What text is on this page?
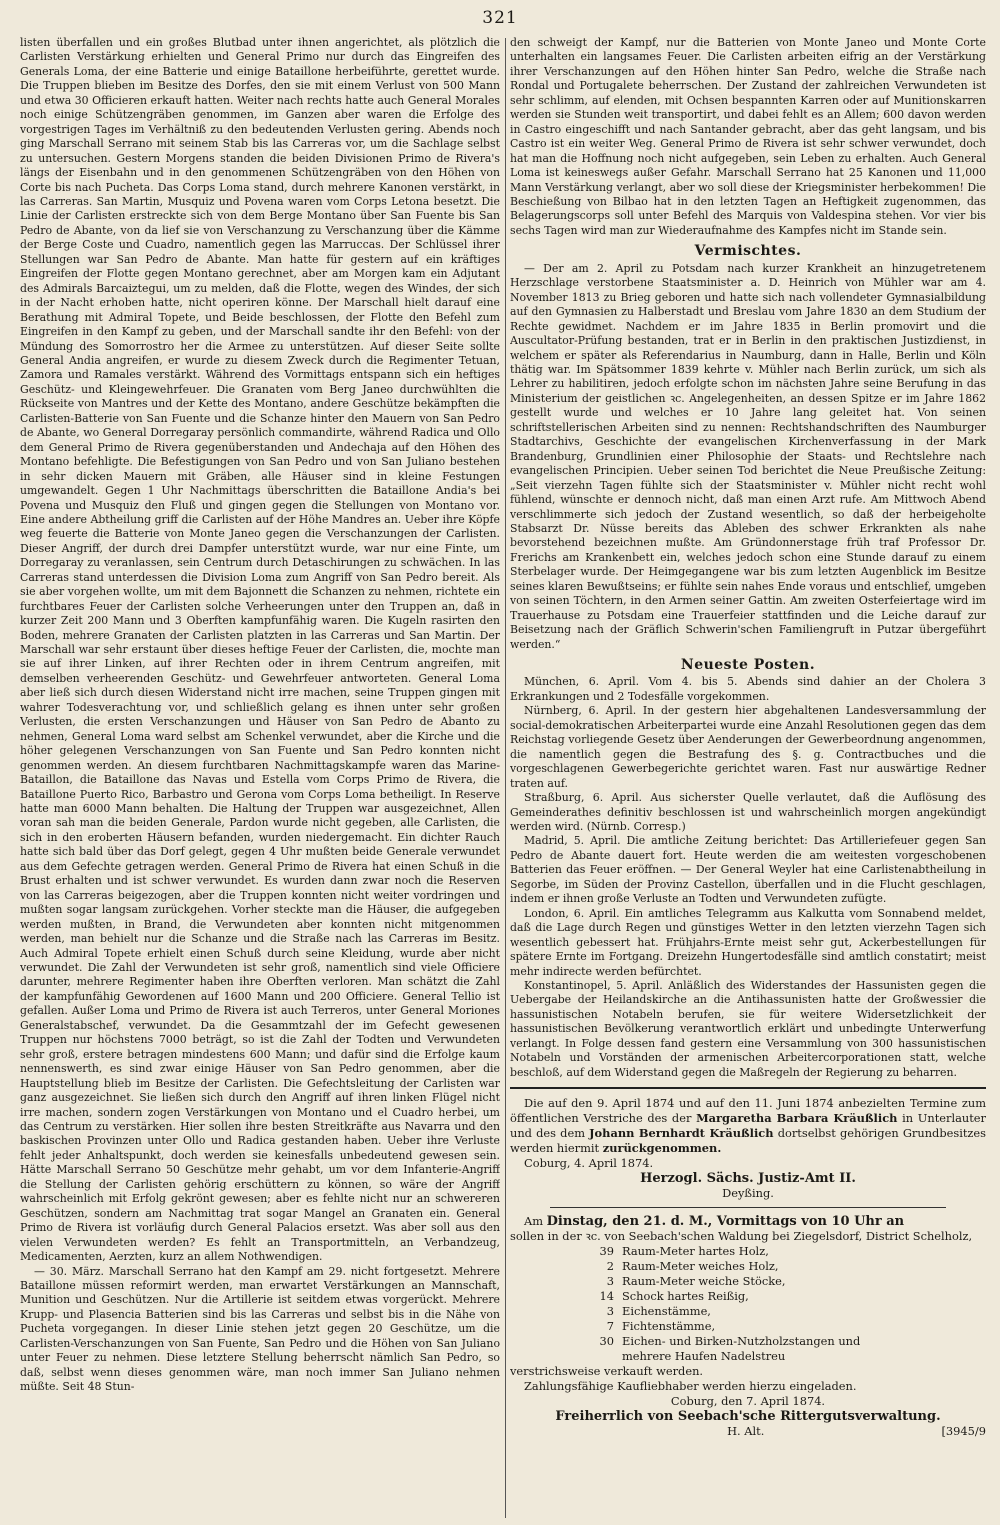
321

listen überfallen und ein großes Blutbad unter ihnen angerichtet, als plötzlich die Carlisten Verstärkung erhielten und General Primo nur durch das Eingreifen des Generals Loma, der eine Batterie und einige Bataillone herbeiführte, gerettet wurde. Die Truppen blieben im Besitze des Dorfes, den sie mit einem Verlust von 500 Mann und etwa 30 Officieren erkauft hatten. Weiter nach rechts hatte auch General Morales noch einige Schützengräben genommen, im Ganzen aber waren die Erfolge des vorgestrigen Tages im Verhältniß zu den bedeutenden Verlusten gering. Abends noch ging Marschall Serrano mit seinem Stab bis las Carreras vor, um die Sachlage selbst zu untersuchen. Gestern Morgens standen die beiden Divisionen Primo de Rivera's längs der Eisenbahn und in den genommenen Schützengräben von den Höhen von Corte bis nach Pucheta. Das Corps Loma stand, durch mehrere Kanonen verstärkt, in las Carreras. San Martin, Musquiz und Povena waren vom Corps Letona besetzt. Die Linie der Carlisten erstreckte sich von dem Berge Montano über San Fuente bis San Pedro de Abante, von da lief sie von Verschanzung zu Verschanzung über die Kämme der Berge Coste und Cuadro, namentlich gegen las Marruccas. Der Schlüssel ihrer Stellungen war San Pedro de Abante. Man hatte für gestern auf ein kräftiges Eingreifen der Flotte gegen Montano gerechnet, aber am Morgen kam ein Adjutant des Admirals Barcaiztegui, um zu melden, daß die Flotte, wegen des Windes, der sich in der Nacht erhoben hatte, nicht operiren könne. Der Marschall hielt darauf eine Berathung mit Admiral Topete, und Beide beschlossen, der Flotte den Befehl zum Eingreifen in den Kampf zu geben, und der Marschall sandte ihr den Befehl: von der Mündung des Somorrostro her die Armee zu unterstützen. Auf dieser Seite sollte General Andia angreifen, er wurde zu diesem Zweck durch die Regimenter Tetuan, Zamora und Ramales verstärkt. Während des Vormittags entspann sich ein heftiges Geschütz- und Kleingewehrfeuer. Die Granaten vom Berg Janeo durchwühlten die Rückseite von Mantres und der Kette des Montano, andere Geschütze bekämpften die Carlisten-Batterie von San Fuente und die Schanze hinter den Mauern von San Pedro de Abante, wo General Dorregaray persönlich commandirte, während Radica und Ollo dem General Primo de Rivera gegenüberstanden und Andechaja auf den Höhen des Montano befehligte. Die Befestigungen von San Pedro und von San Juliano bestehen in sehr dicken Mauern mit Gräben, alle Häuser sind in kleine Festungen umgewandelt. Gegen 1 Uhr Nachmittags überschritten die Bataillone Andia's bei Povena und Musquiz den Fluß und gingen gegen die Stellungen von Montano vor. Eine andere Abtheilung griff die Carlisten auf der Höhe Mandres an. Ueber ihre Köpfe weg feuerte die Batterie von Monte Janeo gegen die Verschanzungen der Carlisten. Dieser Angriff, der durch drei Dampfer unterstützt wurde, war nur eine Finte, um Dorregaray zu veranlassen, sein Centrum durch Detaschirungen zu schwächen. In las Carreras stand unterdessen die Division Loma zum Angriff von San Pedro bereit. Als sie aber vorgehen wollte, um mit dem Bajonnett die Schanzen zu nehmen, richtete ein furchtbares Feuer der Carlisten solche Verheerungen unter den Truppen an, daß in kurzer Zeit 200 Mann und 3 Oberften kampfunfähig waren. Die Kugeln rasirten den Boden, mehrere Granaten der Carlisten platzten in las Carreras und San Martin. Der Marschall war sehr erstaunt über dieses heftige Feuer der Carlisten, die, mochte man sie auf ihrer Linken, auf ihrer Rechten oder in ihrem Centrum angreifen, mit demselben verheerenden Geschütz- und Gewehrfeuer antworteten. General Loma aber ließ sich durch diesen Widerstand nicht irre machen, seine Truppen gingen mit wahrer Todesverachtung vor, und schließlich gelang es ihnen unter sehr großen Verlusten, die ersten Verschanzungen und Häuser von San Pedro de Abanto zu nehmen, General Loma ward selbst am Schenkel verwundet, aber die Kirche und die höher gelegenen Verschanzungen von San Fuente und San Pedro konnten nicht genommen werden. An diesem furchtbaren Nachmittagskampfe waren das Marine-Bataillon, die Bataillone das Navas und Estella vom Corps Primo de Rivera, die Bataillone Puerto Rico, Barbastro und Gerona vom Corps Loma betheiligt. In Reserve hatte man 6000 Mann behalten. Die Haltung der Truppen war ausgezeichnet, Allen voran sah man die beiden Generale, Pardon wurde nicht gegeben, alle Carlisten, die sich in den eroberten Häusern befanden, wurden niedergemacht. Ein dichter Rauch hatte sich bald über das Dorf gelegt, gegen 4 Uhr mußten beide Generale verwundet aus dem Gefechte getragen werden. General Primo de Rivera hat einen Schuß in die Brust erhalten und ist schwer verwundet. Es wurden dann zwar noch die Reserven von las Carreras beigezogen, aber die Truppen konnten nicht weiter vordringen und mußten sogar langsam zurückgehen. Vorher steckte man die Häuser, die aufgegeben werden mußten, in Brand, die Verwundeten aber konnten nicht mitgenommen werden, man behielt nur die Schanze und die Straße nach las Carreras im Besitz. Auch Admiral Topete erhielt einen Schuß durch seine Kleidung, wurde aber nicht verwundet. Die Zahl der Verwundeten ist sehr groß, namentlich sind viele Officiere darunter, mehrere Regimenter haben ihre Oberften verloren. Man schätzt die Zahl der kampfunfähig Gewordenen auf 1600 Mann und 200 Officiere. General Tellio ist gefallen. Außer Loma und Primo de Rivera ist auch Terreros, unter General Moriones Generalstabschef, verwundet. Da die Gesammtzahl der im Gefecht gewesenen Truppen nur höchstens 7000 beträgt, so ist die Zahl der Todten und Verwundeten sehr groß, erstere betragen mindestens 600 Mann; und dafür sind die Erfolge kaum nennenswerth, es sind zwar einige Häuser von San Pedro genommen, aber die Hauptstellung blieb im Besitze der Carlisten. Die Gefechtsleitung der Carlisten war ganz ausgezeichnet. Sie ließen sich durch den Angriff auf ihren linken Flügel nicht irre machen, sondern zogen Verstärkungen von Montano und el Cuadro herbei, um das Centrum zu verstärken. Hier sollen ihre besten Streitkräfte aus Navarra und den baskischen Provinzen unter Ollo und Radica gestanden haben. Ueber ihre Verluste fehlt jeder Anhaltspunkt, doch werden sie keinesfalls unbedeutend gewesen sein. Hätte Marschall Serrano 50 Geschütze mehr gehabt, um vor dem Infanterie-Angriff die Stellung der Carlisten gehörig erschüttern zu können, so wäre der Angriff wahrscheinlich mit Erfolg gekrönt gewesen; aber es fehlte nicht nur an schwereren Geschützen, sondern am Nachmittag trat sogar Mangel an Granaten ein. General Primo de Rivera ist vorläufig durch General Palacios ersetzt. Was aber soll aus den vielen Verwundeten werden? Es fehlt an Transportmitteln, an Verbandzeug, Medicamenten, Aerzten, kurz an allem Nothwendigen.

— 30. März. Marschall Serrano hat den Kampf am 29. nicht fortgesetzt. Mehrere Bataillone müssen reformirt werden, man erwartet Verstärkungen an Mannschaft, Munition und Geschützen. Nur die Artillerie ist seitdem etwas vorgerückt. Mehrere Krupp- und Plasencia Batterien sind bis las Carreras und selbst bis in die Nähe von Pucheta vorgegangen. In dieser Linie stehen jetzt gegen 20 Geschütze, um die Carlisten-Verschanzungen von San Fuente, San Pedro und die Höhen von San Juliano unter Feuer zu nehmen. Diese letztere Stellung beherrscht nämlich San Pedro, so daß, selbst wenn dieses genommen wäre, man noch immer San Juliano nehmen müßte. Seit 48 Stun-

den schweigt der Kampf, nur die Batterien von Monte Janeo und Monte Corte unterhalten ein langsames Feuer. Die Carlisten arbeiten eifrig an der Verstärkung ihrer Verschanzungen auf den Höhen hinter San Pedro, welche die Straße nach Rondal und Portugalete beherrschen. Der Zustand der zahlreichen Verwundeten ist sehr schlimm, auf elenden, mit Ochsen bespannten Karren oder auf Munitionskarren werden sie Stunden weit transportirt, und dabei fehlt es an Allem; 600 davon werden in Castro eingeschifft und nach Santander gebracht, aber das geht langsam, und bis Castro ist ein weiter Weg. General Primo de Rivera ist sehr schwer verwundet, doch hat man die Hoffnung noch nicht aufgegeben, sein Leben zu erhalten. Auch General Loma ist keineswegs außer Gefahr. Marschall Serrano hat 25 Kanonen und 11,000 Mann Verstärkung verlangt, aber wo soll diese der Kriegsminister herbekommen! Die Beschießung von Bilbao hat in den letzten Tagen an Heftigkeit zugenommen, das Belagerungscorps soll unter Befehl des Marquis von Valdespina stehen. Vor vier bis sechs Tagen wird man zur Wiederaufnahme des Kampfes nicht im Stande sein.

Vermischtes.

— Der am 2. April zu Potsdam nach kurzer Krankheit an hinzugetretenem Herzschlage verstorbene Staatsminister a. D. Heinrich von Mühler war am 4. November 1813 zu Brieg geboren und hatte sich nach vollendeter Gymnasialbildung auf den Gymnasien zu Halberstadt und Breslau vom Jahre 1830 an dem Studium der Rechte gewidmet. Nachdem er im Jahre 1835 in Berlin promovirt und die Auscultator-Prüfung bestanden, trat er in Berlin in den praktischen Justizdienst, in welchem er später als Referendarius in Naumburg, dann in Halle, Berlin und Köln thätig war. Im Spätsommer 1839 kehrte v. Mühler nach Berlin zurück, um sich als Lehrer zu habilitiren, jedoch erfolgte schon im nächsten Jahre seine Berufung in das Ministerium der geistlichen ꝛc. Angelegenheiten, an dessen Spitze er im Jahre 1862 gestellt wurde und welches er 10 Jahre lang geleitet hat. Von seinen schriftstellerischen Arbeiten sind zu nennen: Rechtshandschriften des Naumburger Stadtarchivs, Geschichte der evangelischen Kirchenverfassung in der Mark Brandenburg, Grundlinien einer Philosophie der Staats- und Rechtslehre nach evangelischen Principien. Ueber seinen Tod berichtet die Neue Preußische Zeitung: „Seit vierzehn Tagen fühlte sich der Staatsminister v. Mühler nicht recht wohl fühlend, wünschte er dennoch nicht, daß man einen Arzt rufe. Am Mittwoch Abend verschlimmerte sich jedoch der Zustand wesentlich, so daß der herbeigeholte Stabsarzt Dr. Nüsse bereits das Ableben des schwer Erkrankten als nahe bevorstehend bezeichnen mußte. Am Gründonnerstage früh traf Professor Dr. Frerichs am Krankenbett ein, welches jedoch schon eine Stunde darauf zu einem Sterbelager wurde. Der Heimgegangene war bis zum letzten Augenblick im Besitze seines klaren Bewußtseins; er fühlte sein nahes Ende voraus und entschlief, umgeben von seinen Töchtern, in den Armen seiner Gattin. Am zweiten Osterfeiertage wird im Trauerhause zu Potsdam eine Trauerfeier stattfinden und die Leiche darauf zur Beisetzung nach der Gräflich Schwerin'schen Familiengruft in Putzar übergeführt werden.“

Neueste Posten.

München, 6. April. Vom 4. bis 5. Abends sind dahier an der Cholera 3 Erkrankungen und 2 Todesfälle vorgekommen.

Nürnberg, 6. April. In der gestern hier abgehaltenen Landesversammlung der social-demokratischen Arbeiterpartei wurde eine Anzahl Resolutionen gegen das dem Reichstag vorliegende Gesetz über Aenderungen der Gewerbeordnung angenommen, die namentlich gegen die Bestrafung des §. g. Contractbuches und die vorgeschlagenen Gewerbegerichte gerichtet waren. Fast nur auswärtige Redner traten auf.

Straßburg, 6. April. Aus sicherster Quelle verlautet, daß die Auflösung des Gemeinderathes definitiv beschlossen ist und wahrscheinlich morgen angekündigt werden wird. (Nürnb. Corresp.)

Madrid, 5. April. Die amtliche Zeitung berichtet: Das Artilleriefeuer gegen San Pedro de Abante dauert fort. Heute werden die am weitesten vorgeschobenen Batterien das Feuer eröffnen. — Der General Weyler hat eine Carlistenabtheilung in Segorbe, im Süden der Provinz Castellon, überfallen und in die Flucht geschlagen, indem er ihnen große Verluste an Todten und Verwundeten zufügte.

London, 6. April. Ein amtliches Telegramm aus Kalkutta vom Sonnabend meldet, daß die Lage durch Regen und günstiges Wetter in den letzten vierzehn Tagen sich wesentlich gebessert hat. Frühjahrs-Ernte meist sehr gut, Ackerbestellungen für spätere Ernte im Fortgang. Dreizehn Hungertodesfälle sind amtlich constatirt; meist mehr indirecte werden befürchtet.

Konstantinopel, 5. April. Anläßlich des Widerstandes der Hassunisten gegen die Uebergabe der Heilandskirche an die Antihassunisten hatte der Großwessier die hassunistischen Notabeln berufen, sie für weitere Widersetzlichkeit der hassunistischen Bevölkerung verantwortlich erklärt und unbedingte Unterwerfung verlangt. In Folge dessen fand gestern eine Versammlung von 300 hassunistischen Notabeln und Vorständen der armenischen Arbeitercorporationen statt, welche beschloß, auf dem Widerstand gegen die Maßregeln der Regierung zu beharren.

Die auf den 9. April 1874 und auf den 11. Juni 1874 anbezielten Termine zum öffentlichen Verstriche des der Margaretha Barbara Kräußlich in Unterlauter und des dem Johann Bernhardt Kräußlich dortselbst gehörigen Grundbesitzes werden hiermit zurückgenommen.

Coburg, 4. April 1874.

Herzogl. Sächs. Justiz-Amt II.
Deyßing.

Am Dinstag, den 21. d. M., Vormittags von 10 Uhr an

sollen in der ꝛc. von Seebach'schen Waldung bei Ziegelsdorf, District Schelholz,

39 Raum-Meter hartes Holz,
2 Raum-Meter weiches Holz,
3 Raum-Meter weiche Stöcke,
14 Schock hartes Reißig,
3 Eichenstämme,
7 Fichtenstämme,
30 Eichen- und Birken-Nutzholzstangen und
mehrere Haufen Nadelstreu

verstrichsweise verkauft werden.

Zahlungsfähige Kaufliebhaber werden hierzu eingeladen.

Coburg, den 7. April 1874.
Freiherrlich von Seebach'sche Rittergutsverwaltung.
H. Alt.	[3945/9
